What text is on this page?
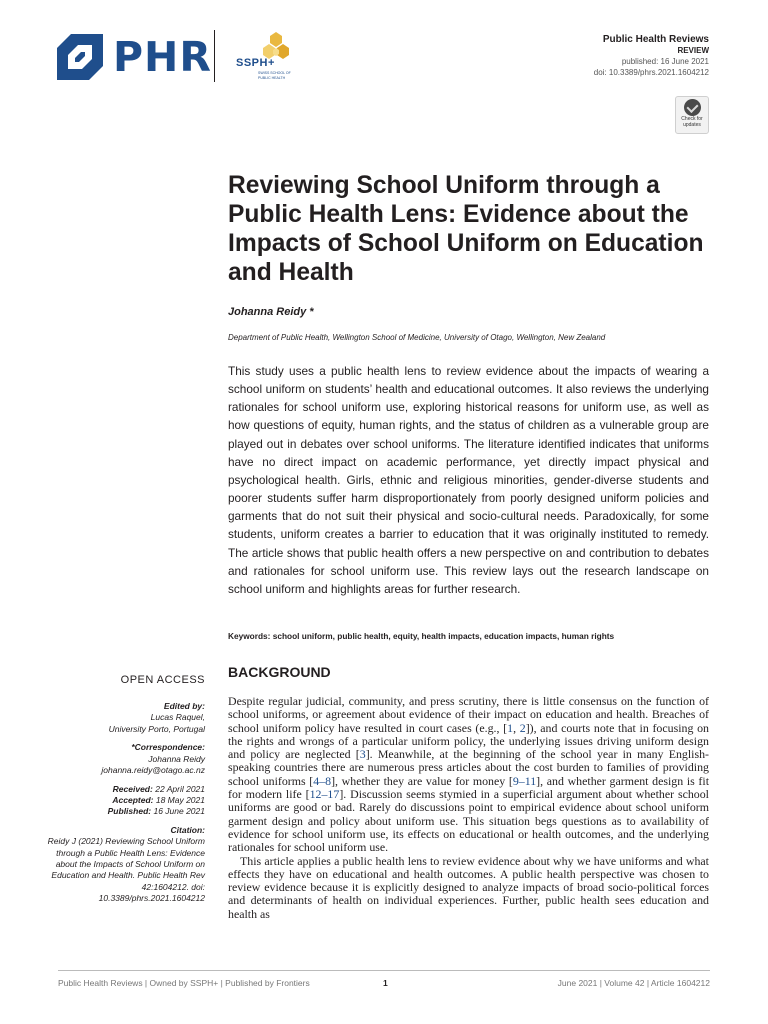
PHR SSPH+
SWISS SCHOOL OF
PUBLIC HEALTH
Public Health Reviews
REVIEW
published: 16 June 2021
doi: 10.3389/phrs.2021.1604212
Check for
updates
Reviewing School Uniform through a Public Health Lens: Evidence about the Impacts of School Uniform on Education and Health
Johanna Reidy *
Department of Public Health, Wellington School of Medicine, University of Otago, Wellington, New Zealand

This study uses a public health lens to review evidence about the impacts of wearing a school uniform on students’ health and educational outcomes. It also reviews the underlying rationales for school uniform use, exploring historical reasons for uniform use, as well as how questions of equity, human rights, and the status of children as a vulnerable group are played out in debates over school uniforms. The literature identified indicates that uniforms have no direct impact on academic performance, yet directly impact physical and psychological health. Girls, ethnic and religious minorities, gender-diverse students and poorer students suffer harm disproportionately from poorly designed uniform policies and garments that do not suit their physical and socio-cultural needs. Paradoxically, for some students, uniform creates a barrier to education that it was originally instituted to remedy. The article shows that public health offers a new perspective on and contribution to debates and rationales for school uniform use. This review lays out the research landscape on school uniform and highlights areas for further research.

Keywords: school uniform, public health, equity, health impacts, education impacts, human rights
OPEN ACCESS
Edited by:
Lucas Raquel,
University Porto, Portugal
*Correspondence:
Johanna Reidy
johanna.reidy@otago.ac.nz
Received: 22 April 2021
Accepted: 18 May 2021
Published: 16 June 2021
Citation:
Reidy J (2021) Reviewing School Uniform through a Public Health Lens: Evidence about the Impacts of School Uniform on Education and Health. Public Health Rev 42:1604212. doi: 10.3389/phrs.2021.1604212
BACKGROUND

Despite regular judicial, community, and press scrutiny, there is little consensus on the function of school uniforms, or agreement about evidence of their impact on education and health. Breaches of school uniform policy have resulted in court cases (e.g., [1, 2]), and courts note that in focusing on the rights and wrongs of a particular uniform policy, the underlying issues driving uniform design and policy are neglected [3]. Meanwhile, at the beginning of the school year in many English-speaking countries there are numerous press articles about the cost burden to families of providing school uniforms [4–8], whether they are value for money [9–11], and whether garment design is fit for modern life [12–17]. Discussion seems stymied in a superficial argument about whether school uniforms are good or bad. Rarely do discussions point to empirical evidence about school uniform garment design and policy about uniform use. This situation begs questions as to availability of evidence for school uniform use, its effects on educational or health outcomes, and the underlying rationales for school uniform use.

This article applies a public health lens to review evidence about why we have uniforms and what effects they have on educational and health outcomes. A public health perspective was chosen to review evidence because it is explicitly designed to analyze impacts of broad socio-political forces and determinants of health on individual experiences. Further, public health sees education and health as

Public Health Reviews | Owned by SSPH+ | Published by Frontiers	1	June 2021 | Volume 42 | Article 1604212
